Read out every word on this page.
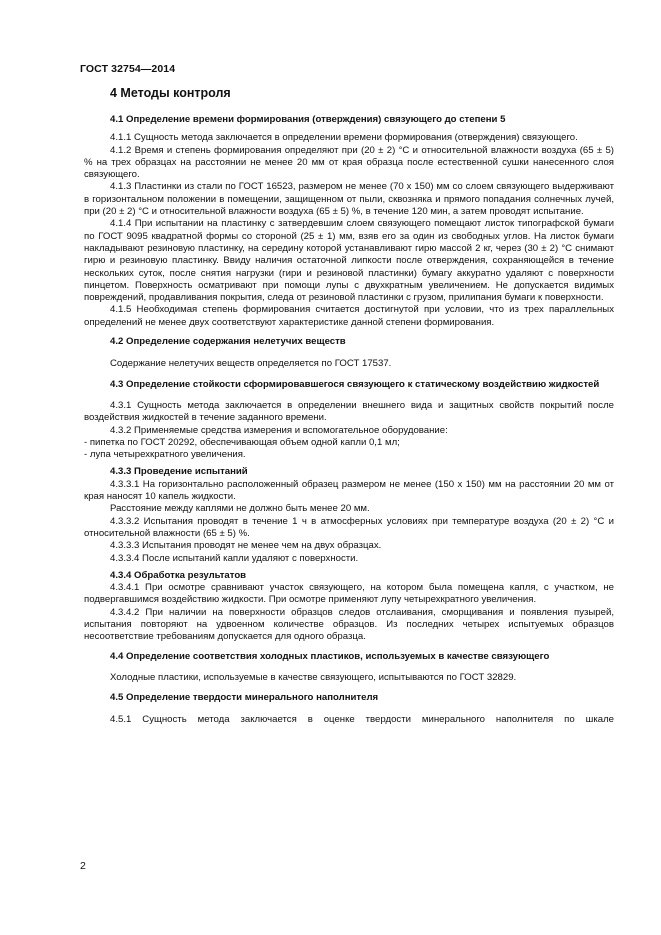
ГОСТ 32754—2014
4 Методы контроля
4.1 Определение времени формирования (отверждения) связующего до степени 5

4.1.1 Сущность метода заключается в определении времени формирования (отверждения) связующего.

4.1.2 Время и степень формирования определяют при (20 ± 2) °С и относительной влажности воздуха (65 ± 5) % на трех образцах на расстоянии не менее 20 мм от края образца после естественной сушки нанесенного слоя связующего.

4.1.3 Пластинки из стали по ГОСТ 16523, размером не менее (70 х 150) мм со слоем связующего выдерживают в горизонтальном положении в помещении, защищенном от пыли, сквозняка и прямого попадания солнечных лучей, при (20 ± 2) °С и относительной влажности воздуха (65 ± 5) %, в течение 120 мин, а затем проводят испытание.

4.1.4 При испытании на пластинку с затвердевшим слоем связующего помещают листок типографской бумаги по ГОСТ 9095 квадратной формы со стороной (25 ± 1) мм, взяв его за один из свободных углов. На листок бумаги накладывают резиновую пластинку, на середину которой устанавливают гирю массой 2 кг, через (30 ± 2) °С снимают гирю и резиновую пластинку. Ввиду наличия остаточной липкости после отверждения, сохраняющейся в течение нескольких суток, после снятия нагрузки (гири и резиновой пластинки) бумагу аккуратно удаляют с поверхности пинцетом. Поверхность осматривают при помощи лупы с двухкратным увеличением. Не допускается видимых повреждений, продавливания покрытия, следа от резиновой пластинки с грузом, прилипания бумаги к поверхности.

4.1.5 Необходимая степень формирования считается достигнутой при условии, что из трех параллельных определений не менее двух соответствуют характеристике данной степени формирования.

4.2 Определение содержания нелетучих веществ

Содержание нелетучих веществ определяется по ГОСТ 17537.

4.3 Определение стойкости сформировавшегося связующего к статическому воздействию жидкостей

4.3.1 Сущность метода заключается в определении внешнего вида и защитных свойств покрытий после воздействия жидкостей в течение заданного времени.

4.3.2 Применяемые средства измерения и вспомогательное оборудование:

- пипетка по ГОСТ 20292, обеспечивающая объем одной капли 0,1 мл;

- лупа четырехкратного увеличения.

4.3.3 Проведение испытаний

4.3.3.1 На горизонтально расположенный образец размером не менее (150 х 150) мм на расстоянии 20 мм от края наносят 10 капель жидкости.

Расстояние между каплями не должно быть менее 20 мм.

4.3.3.2 Испытания проводят в течение 1 ч в атмосферных условиях при температуре воздуха (20 ± 2) °С и относительной влажности (65 ± 5) %.

4.3.3.3 Испытания проводят не менее чем на двух образцах.

4.3.3.4 После испытаний капли удаляют с поверхности.

4.3.4 Обработка результатов

4.3.4.1 При осмотре сравнивают участок связующего, на котором была помещена капля, с участком, не подвергавшимся воздействию жидкости. При осмотре применяют лупу четырехкратного увеличения.

4.3.4.2 При наличии на поверхности образцов следов отслаивания, сморщивания и появления пузырей, испытания повторяют на удвоенном количестве образцов. Из последних четырех испытуемых образцов несоответствие требованиям допускается для одного образца.

4.4 Определение соответствия холодных пластиков, используемых в качестве связующего

Холодные пластики, используемые в качестве связующего, испытываются по ГОСТ 32829.

4.5 Определение твердости минерального наполнителя

4.5.1 Сущность метода заключается в оценке твердости минерального наполнителя по шкале

2
